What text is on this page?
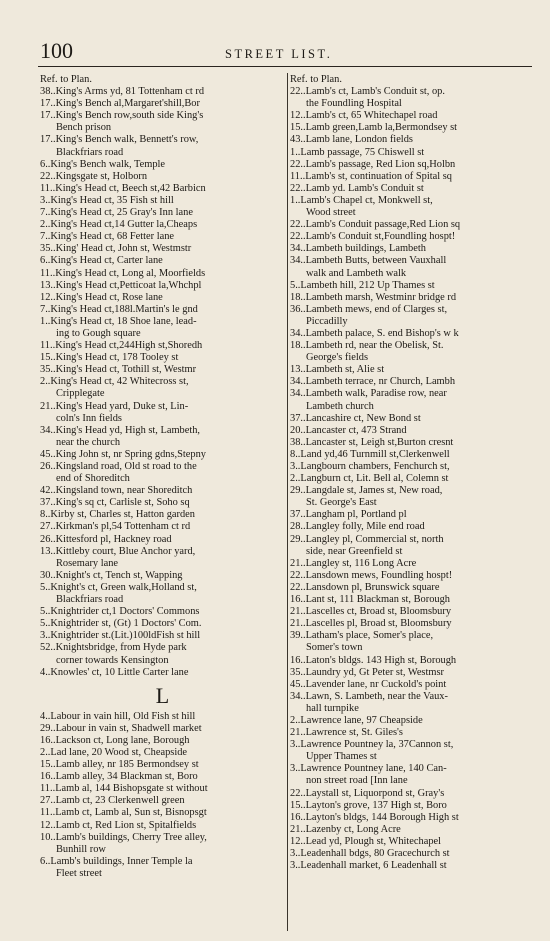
100	STREET LIST.
Ref. to Plan.
38..King's Arms yd, 81 Tottenham ct rd
17..King's Bench al,Margaret'shill,Bor
17..King's Bench row,south side King's
Bench prison
17..King's Bench walk, Bennett's row,
Blackfriars road
6..King's Bench walk, Temple
22..Kingsgate st, Holborn
11..King's Head ct, Beech st,42 Barbicn
3..King's Head ct, 35 Fish st hill
7..King's Head ct, 25 Gray's Inn lane
2..King's Head ct,14 Gutter la,Cheaps
7..King's Head ct, 68 Fetter lane
35..King' Head ct, John st, Westmstr
6..King's Head ct, Carter lane
11..King's Head ct, Long al, Moorfields
13..King's Head ct,Petticoat la,Whchpl
12..King's Head ct, Rose lane
7..King's Head ct,188l.Martin's le gnd
1..King's Head ct, 18 Shoe lane, lead-
ing to Gough square
11..King's Head ct,244High st,Shoredh
15..King's Head ct, 178 Tooley st
35..King's Head ct, Tothill st, Westmr
2..King's Head ct, 42 Whitecross st,
Cripplegate
21..King's Head yard, Duke st, Lin-
coln's Inn fields
34..King's Head yd, High st, Lambeth,
near the church
45..King John st, nr Spring gdns,Stepny
26..Kingsland road, Old st road to the
end of Shoreditch
42..Kingsland town, near Shoreditch
37..King's sq ct, Carlisle st, Soho sq
8..Kirby st, Charles st, Hatton garden
27..Kirkman's pl,54 Tottenham ct rd
26..Kittesford pl, Hackney road
13..Kittleby court, Blue Anchor yard,
Rosemary lane
30..Knight's ct, Tench st, Wapping
5..Knight's ct, Green walk,Holland st,
Blackfriars road
5..Knightrider ct,1 Doctors' Commons
5..Knightrider st, (Gt) 1 Doctors' Com.
3..Knightrider st.(Lit.)100ldFish st hill
52..Knightsbridge, from Hyde park
corner towards Kensington
4..Knowles' ct, 10 Little Carter lane
L
4..Labour in vain hill, Old Fish st hill
29..Labour in vain st, Shadwell market
16..Lackson ct, Long lane, Borough
2..Lad lane, 20 Wood st, Cheapside
15..Lamb alley, nr 185 Bermondsey st
16..Lamb alley, 34 Blackman st, Boro
11..Lamb al, 144 Bishopsgate st without
27..Lamb ct, 23 Clerkenwell green
11..Lamb ct, Lamb al, Sun st, Bisnopsgt
12..Lamb ct, Red Lion st, Spitalfields
10..Lamb's buildings, Cherry Tree alley,
Bunhill row
6..Lamb's buildings, Inner Temple la
Fleet street
Ref. to Plan.
22..Lamb's ct, Lamb's Conduit st, op.
the Foundling Hospital
12..Lamb's ct, 65 Whitechapel road
15..Lamb green,Lamb la,Bermondsey st
43..Lamb lane, London fields
1..Lamb passage, 75 Chiswell st
22..Lamb's passage, Red Lion sq,Holbn
11..Lamb's st, continuation of Spital sq
22..Lamb yd. Lamb's Conduit st
1..Lamb's Chapel ct, Monkwell st,
Wood street
22..Lamb's Conduit passage,Red Lion sq
22..Lamb's Conduit st,Foundling hospt!
34..Lambeth buildings, Lambeth
34..Lambeth Butts, between Vauxhall
walk and Lambeth walk
5..Lambeth hill, 212 Up Thames st
18..Lambeth marsh, Westminr bridge rd
36..Lambeth mews, end of Clarges st,
Piccadilly
34..Lambeth palace, S. end Bishop's w k
18..Lambeth rd, near the Obelisk, St.
George's fields
13..Lambeth st, Alie st
34..Lambeth terrace, nr Church, Lambh
34..Lambeth walk, Paradise row, near
Lambeth church
37..Lancashire ct, New Bond st
20..Lancaster ct, 473 Strand
38..Lancaster st, Leigh st,Burton cresnt
8..Land yd,46 Turnmill st,Clerkenwell
3..Langbourn chambers, Fenchurch st,
2..Langburn ct, Lit. Bell al, Colemn st
29..Langdale st, James st, New road,
St. George's East
37..Langham pl, Portland pl
28..Langley folly, Mile end road
29..Langley pl, Commercial st, north
side, near Greenfield st
21..Langley st, 116 Long Acre
22..Lansdown mews, Foundling hospt!
22..Lansdown pl, Brunswick square
16..Lant st, 111 Blackman st, Borough
21..Lascelles ct, Broad st, Bloomsbury
21..Lascelles pl, Broad st, Bloomsbury
39..Latham's place, Somer's place,
Somer's town
16..Laton's bldgs. 143 High st, Borough
35..Laundry yd, Gt Peter st, Westmsr
45..Lavender lane, nr Cuckold's point
34..Lawn, S. Lambeth, near the Vaux-
hall turnpike
2..Lawrence lane, 97 Cheapside
21..Lawrence st, St. Giles's
3..Lawrence Pountney la, 37Cannon st,
Upper Thames st
3..Lawrence Pountney lane, 140 Can-
non street road [Inn lane
22..Laystall st, Liquorpond st, Gray's
15..Layton's grove, 137 High st, Boro
16..Layton's bldgs, 144 Borough High st
21..Lazenby ct, Long Acre
12..Lead yd, Plough st, Whitechapel
3..Leadenhall bdgs, 80 Gracechurch st
3..Leadenhall market, 6 Leadenhall st
